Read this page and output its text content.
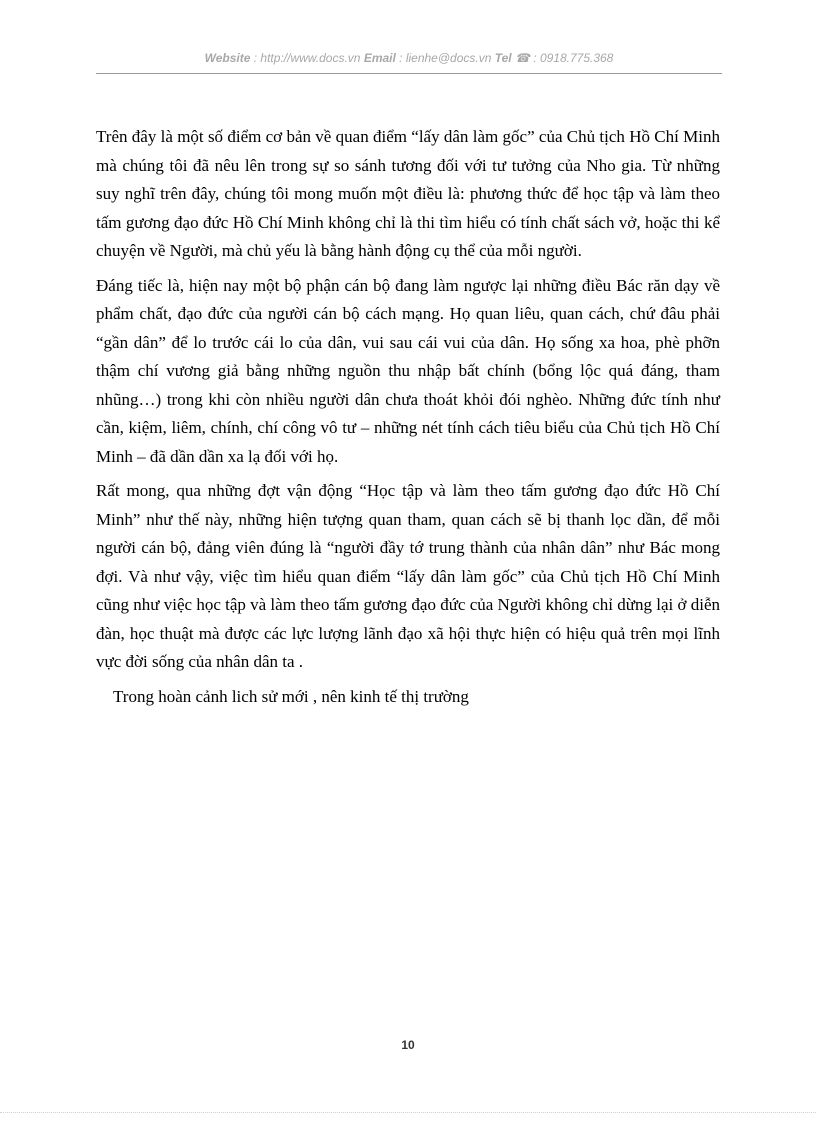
Website : http://www.docs.vn Email : lienhe@docs.vn Tel ☎ : 0918.775.368

Trên đây là một số điểm cơ bản về quan điểm “lấy dân làm gốc” của Chủ tịch Hồ Chí Minh mà chúng tôi đã nêu lên trong sự so sánh tương đối với tư tưởng của Nho gia. Từ những suy nghĩ trên đây, chúng tôi mong muốn một điều là: phương thức để học tập và làm theo tấm gương đạo đức Hồ Chí Minh không chỉ là thi tìm hiểu có tính chất sách vở, hoặc thi kể chuyện về Người, mà chủ yếu là bằng hành động cụ thể của mỗi người.

Đáng tiếc là, hiện nay một bộ phận cán bộ đang làm ngược lại những điều Bác răn dạy về phẩm chất, đạo đức của người cán bộ cách mạng. Họ quan liêu, quan cách, chứ đâu phải “gần dân” để lo trước cái lo của dân, vui sau cái vui của dân. Họ sống xa hoa, phè phỡn thậm chí vương giả bằng những nguồn thu nhập bất chính (bổng lộc quá đáng, tham nhũng…) trong khi còn nhiều người dân chưa thoát khỏi đói nghèo. Những đức tính như cần, kiệm, liêm, chính, chí công vô tư – những nét tính cách tiêu biểu của Chủ tịch Hồ Chí Minh – đã dần dần xa lạ đối với họ.

Rất mong, qua những đợt vận động “Học tập và làm theo tấm gương đạo đức Hồ Chí Minh” như thế này, những hiện tượng quan tham, quan cách sẽ bị thanh lọc dần, để mỗi người cán bộ, đảng viên đúng là “người đầy tớ trung thành của nhân dân” như Bác mong đợi. Và như vậy, việc tìm hiểu quan điểm “lấy dân làm gốc” của Chủ tịch Hồ Chí Minh cũng như việc học tập và làm theo tấm gương đạo đức của Người không chỉ dừng lại ở diễn đàn, học thuật mà được các lực lượng lãnh đạo xã hội thực hiện có hiệu quả trên mọi lĩnh vực đời sống của nhân dân ta .

Trong hoàn cảnh lich sử mới , nên kinh tế thị trường

10
